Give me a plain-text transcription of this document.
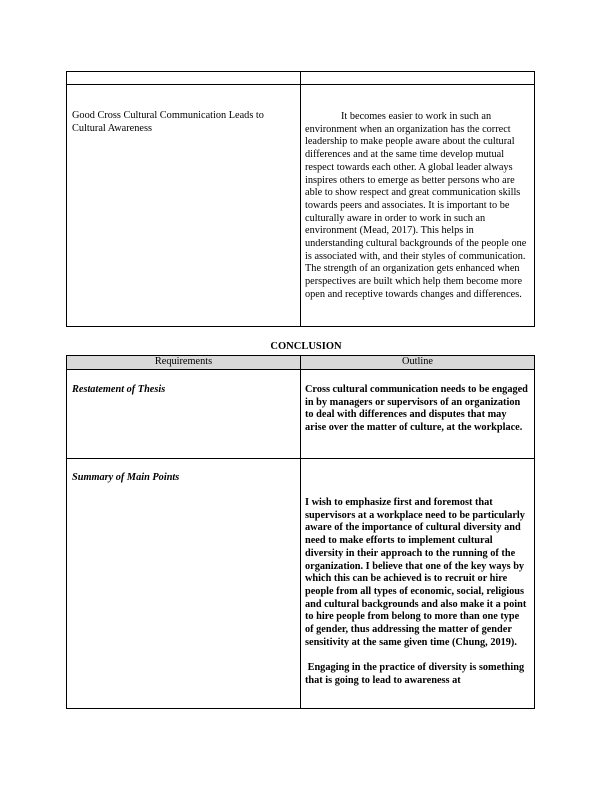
Good Cross Cultural Communication Leads to Cultural Awareness	It becomes easier to work in such an environment when an organization has the correct leadership to make people aware about the cultural differences and at the same time develop mutual respect towards each other. A global leader always inspires others to emerge as better persons who are able to show respect and great communication skills towards peers and associates. It is important to be culturally aware in order to work in such an environment (Mead, 2017). This helps in understanding cultural backgrounds of the people one is associated with, and their styles of communication. The strength of an organization gets enhanced when perspectives are built which help them become more open and receptive towards changes and differences.
CONCLUSION
Requirements	Outline

Restatement of Thesis	Cross cultural communication needs to be engaged in by managers or supervisors of an organization to deal with differences and disputes that may arise over the matter of culture, at the workplace.

Summary of Main Points	I wish to emphasize first and foremost that supervisors at a workplace need to be particularly aware of the importance of cultural diversity and need to make efforts to implement cultural diversity in their approach to the running of the organization. I believe that one of the key ways by which this can be achieved is to recruit or hire people from all types of economic, social, religious and cultural backgrounds and also make it a point to hire people from belong to more than one type of gender, thus addressing the matter of gender sensitivity at the same given time (Chung, 2019).
Engaging in the practice of diversity is something that is going to lead to awareness at
